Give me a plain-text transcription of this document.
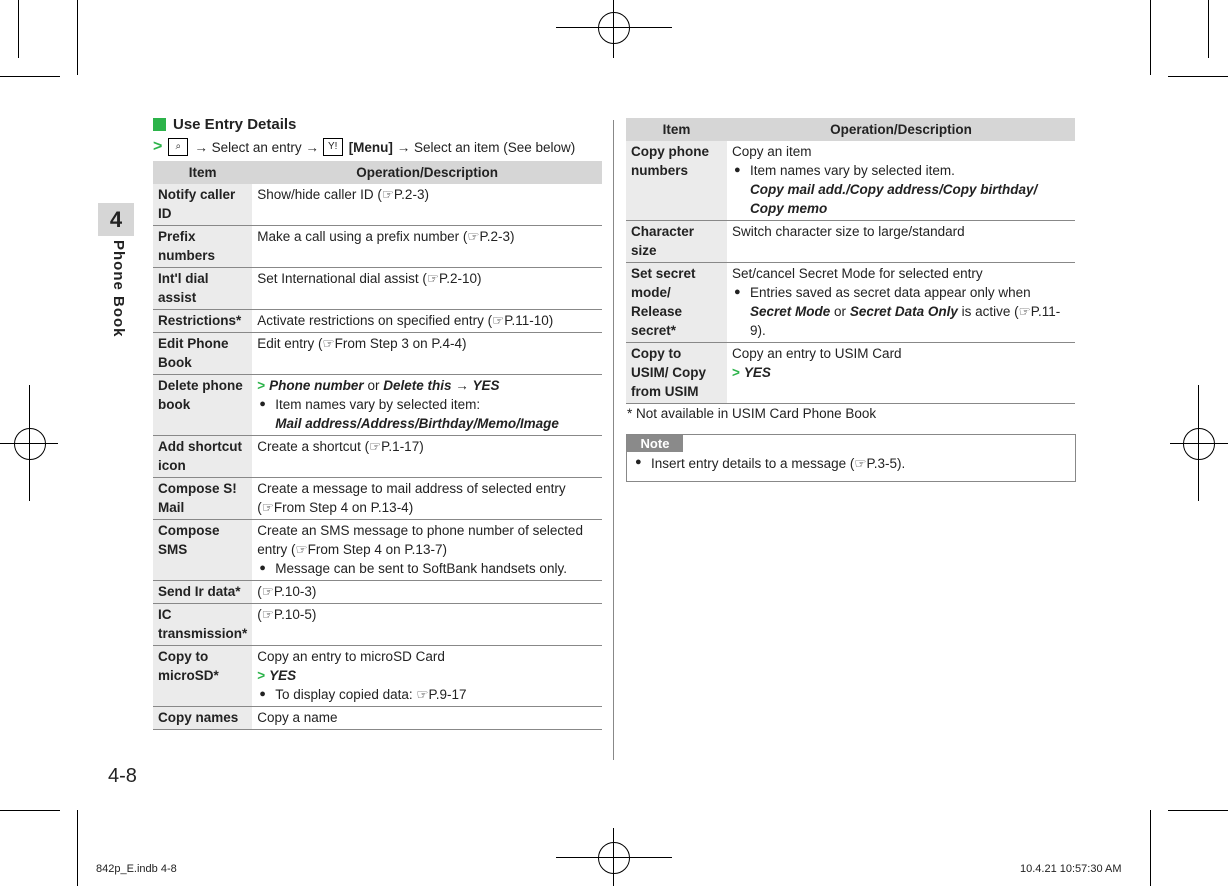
4
Phone Book
4-8
Use Entry Details
>	⌕ → Select an entry → Y! [Menu] → Select an item (See below)
Item	Operation/Description
Notify caller ID	Show/hide caller ID (☞P.2-3)
Prefix numbers	Make a call using a prefix number (☞P.2-3)
Int'l dial assist	Set International dial assist (☞P.2-10)
Restrictions*	Activate restrictions on specified entry (☞P.11-10)
Edit Phone Book	Edit entry (☞From Step 3 on P.4-4)
Delete phone book	> Phone number or Delete this → YES
● Item names vary by selected item:
Mail address/Address/Birthday/Memo/Image

Add shortcut icon	Create a shortcut (☞P.1-17)
Compose S! Mail	Create a message to mail address of selected entry
(☞From Step 4 on P.13-4)

Compose SMS	Create an SMS message to phone number of selected
entry (☞From Step 4 on P.13-7)
● Message can be sent to SoftBank handsets only.

Send Ir data*	(☞P.10-3)
IC transmission*	(☞P.10-5)
Copy to microSD*	Copy an entry to microSD Card
> YES
● To display copied data: ☞P.9-17

Copy names	Copy a name
Item	Operation/Description
Copy phone numbers	Copy an item
● Item names vary by selected item.
Copy mail add./Copy address/Copy birthday/ Copy memo

Character size	Switch character size to large/standard
Set secret mode/ Release secret*	Set/cancel Secret Mode for selected entry
● Entries saved as secret data appear only when Secret Mode or Secret Data Only is active (☞P.11-9).

Copy to USIM/ Copy from USIM	Copy an entry to USIM Card
> YES
* Not available in USIM Card Phone Book
Note
● Insert entry details to a message (☞P.3-5).
842p_E.indb 4-8	10.4.21 10:57:30 AM
